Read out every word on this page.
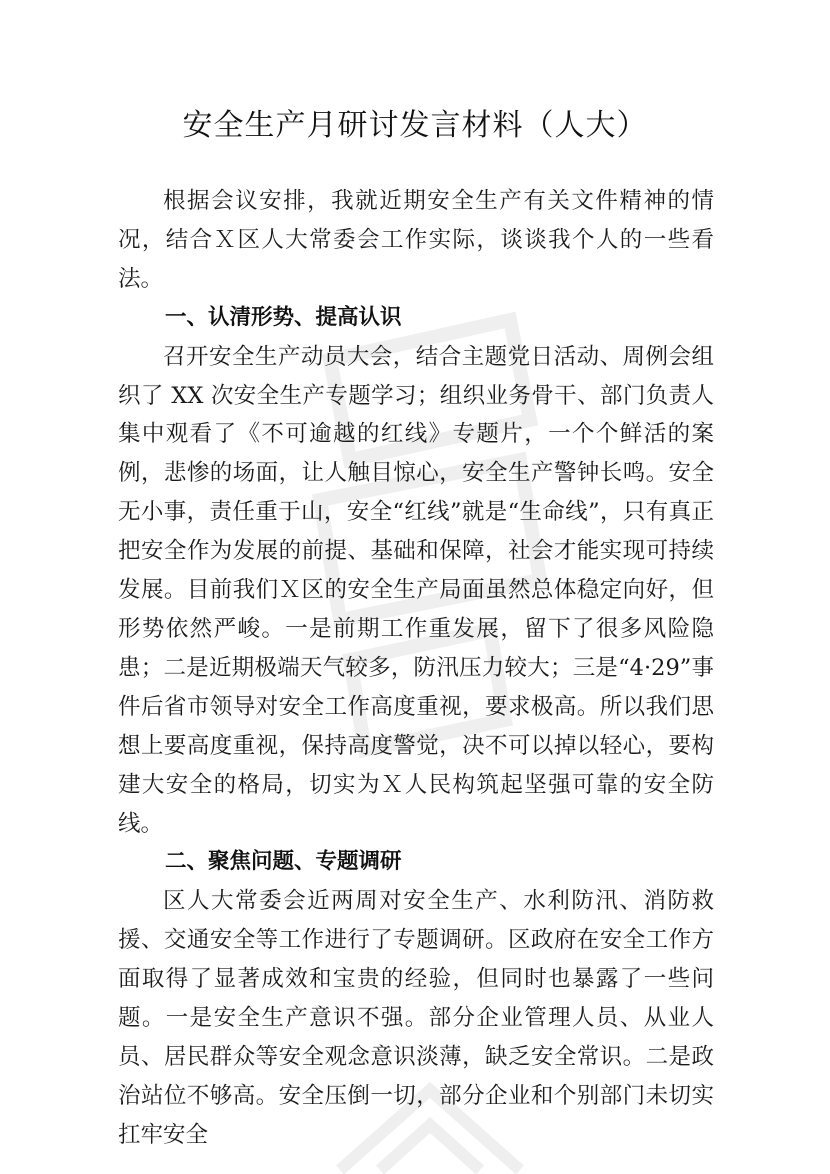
安全生产月研讨发言材料（人大）

根据会议安排，我就近期安全生产有关文件精神的情况，结合Ｘ区人大常委会工作实际，谈谈我个人的一些看法。

一、认清形势、提高认识

召开安全生产动员大会，结合主题党日活动、周例会组织了 XX 次安全生产专题学习；组织业务骨干、部门负责人集中观看了《不可逾越的红线》专题片，一个个鲜活的案例，悲惨的场面，让人触目惊心，安全生产警钟长鸣。安全无小事，责任重于山，安全“红线”就是“生命线”，只有真正把安全作为发展的前提、基础和保障，社会才能实现可持续发展。目前我们Ｘ区的安全生产局面虽然总体稳定向好，但形势依然严峻。一是前期工作重发展，留下了很多风险隐患；二是近期极端天气较多，防汛压力较大；三是“4·29”事件后省市领导对安全工作高度重视，要求极高。所以我们思想上要高度重视，保持高度警觉，决不可以掉以轻心，要构建大安全的格局，切实为Ｘ人民构筑起坚强可靠的安全防线。

二、聚焦问题、专题调研

区人大常委会近两周对安全生产、水利防汛、消防救援、交通安全等工作进行了专题调研。区政府在安全工作方面取得了显著成效和宝贵的经验，但同时也暴露了一些问题。一是安全生产意识不强。部分企业管理人员、从业人员、居民群众等安全观念意识淡薄，缺乏安全常识。二是政治站位不够高。安全压倒一切，部分企业和个别部门未切实扛牢安全
